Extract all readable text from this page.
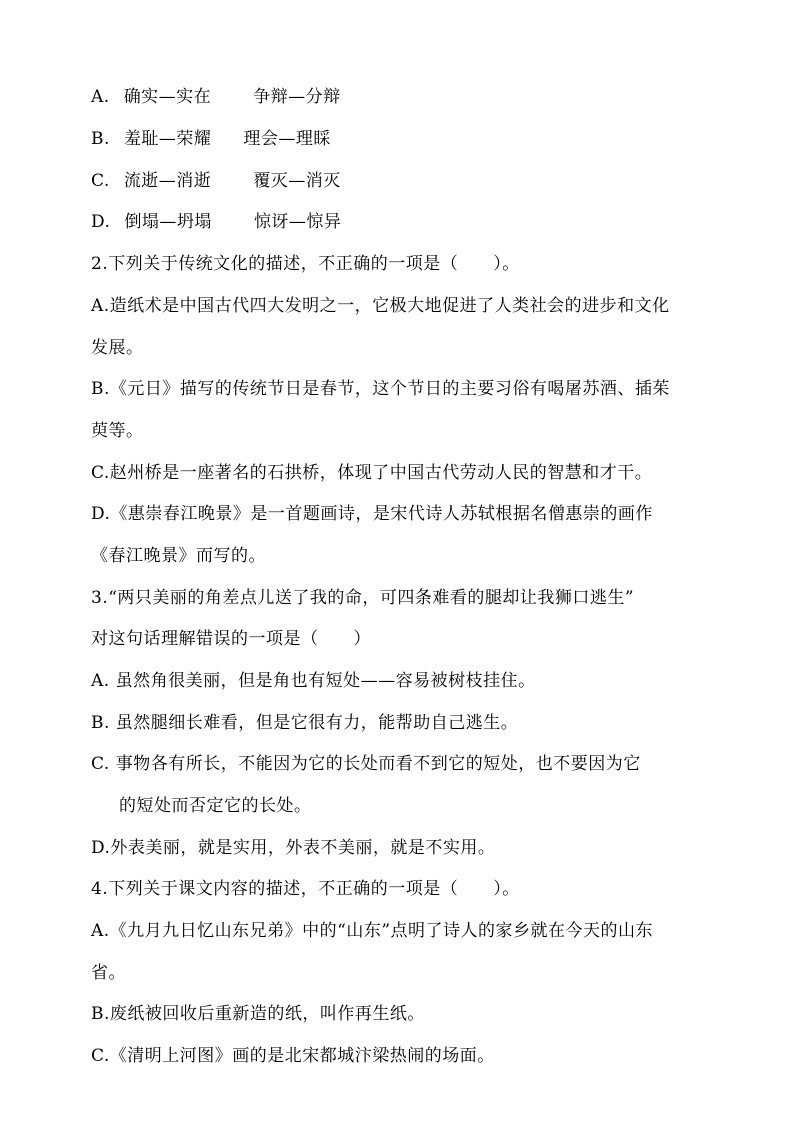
A. 确实—实在 争辩—分辩
B. 羞耻—荣耀 理会—理睬
C. 流逝—消逝 覆灭—消灭
D. 倒塌—坍塌 惊讶—惊异
2.下列关于传统文化的描述，不正确的一项是（　　）。
A.造纸术是中国古代四大发明之一，它极大地促进了人类社会的进步和文化
发展。
B.《元日》描写的传统节日是春节，这个节日的主要习俗有喝屠苏酒、插茱
萸等。
C.赵州桥是一座著名的石拱桥，体现了中国古代劳动人民的智慧和才干。
D.《惠崇春江晚景》是一首题画诗，是宋代诗人苏轼根据名僧惠崇的画作
《春江晚景》而写的。
3.“两只美丽的角差点儿送了我的命，可四条难看的腿却让我狮口逃生”
对这句话理解错误的一项是（　　）
A. 虽然角很美丽，但是角也有短处——容易被树枝挂住。
B. 虽然腿细长难看，但是它很有力，能帮助自己逃生。
C. 事物各有所长，不能因为它的长处而看不到它的短处，也不要因为它
的短处而否定它的长处。
D.外表美丽，就是实用，外表不美丽，就是不实用。
4.下列关于课文内容的描述，不正确的一项是（　　）。
A.《九月九日忆山东兄弟》中的“山东”点明了诗人的家乡就在今天的山东
省。
B.废纸被回收后重新造的纸，叫作再生纸。
C.《清明上河图》画的是北宋都城汴梁热闹的场面。
